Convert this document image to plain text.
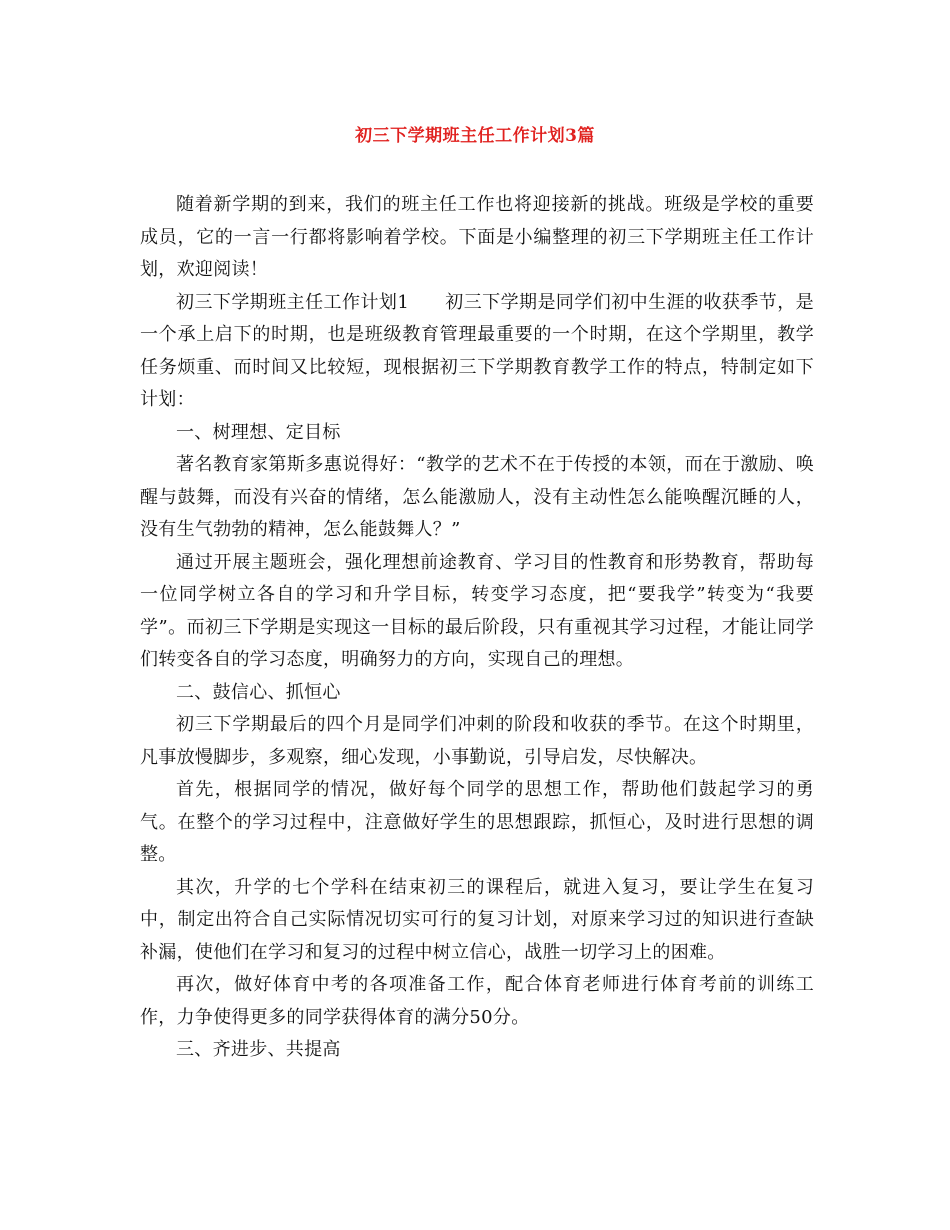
初三下学期班主任工作计划3篇

随着新学期的到来，我们的班主任工作也将迎接新的挑战。班级是学校的重要成员，它的一言一行都将影响着学校。下面是小编整理的初三下学期班主任工作计划，欢迎阅读！

初三下学期班主任工作计划1 初三下学期是同学们初中生涯的收获季节，是一个承上启下的时期，也是班级教育管理最重要的一个时期，在这个学期里，教学任务烦重、而时间又比较短，现根据初三下学期教育教学工作的特点，特制定如下计划：

一、树理想、定目标

著名教育家第斯多惠说得好：“教学的艺术不在于传授的本领，而在于激励、唤醒与鼓舞，而没有兴奋的情绪，怎么能激励人，没有主动性怎么能唤醒沉睡的人，没有生气勃勃的精神，怎么能鼓舞人？”

通过开展主题班会，强化理想前途教育、学习目的性教育和形势教育，帮助每一位同学树立各自的学习和升学目标，转变学习态度，把“要我学”转变为“我要学”。而初三下学期是实现这一目标的最后阶段，只有重视其学习过程，才能让同学们转变各自的学习态度，明确努力的方向，实现自己的理想。

二、鼓信心、抓恒心

初三下学期最后的四个月是同学们冲刺的阶段和收获的季节。在这个时期里，凡事放慢脚步，多观察，细心发现，小事勤说，引导启发，尽快解决。

首先，根据同学的情况，做好每个同学的思想工作，帮助他们鼓起学习的勇气。在整个的学习过程中，注意做好学生的思想跟踪，抓恒心，及时进行思想的调整。

其次，升学的七个学科在结束初三的课程后，就进入复习，要让学生在复习中，制定出符合自己实际情况切实可行的复习计划，对原来学习过的知识进行查缺补漏，使他们在学习和复习的过程中树立信心，战胜一切学习上的困难。

再次，做好体育中考的各项准备工作，配合体育老师进行体育考前的训练工作，力争使得更多的同学获得体育的满分50分。

三、齐进步、共提高
